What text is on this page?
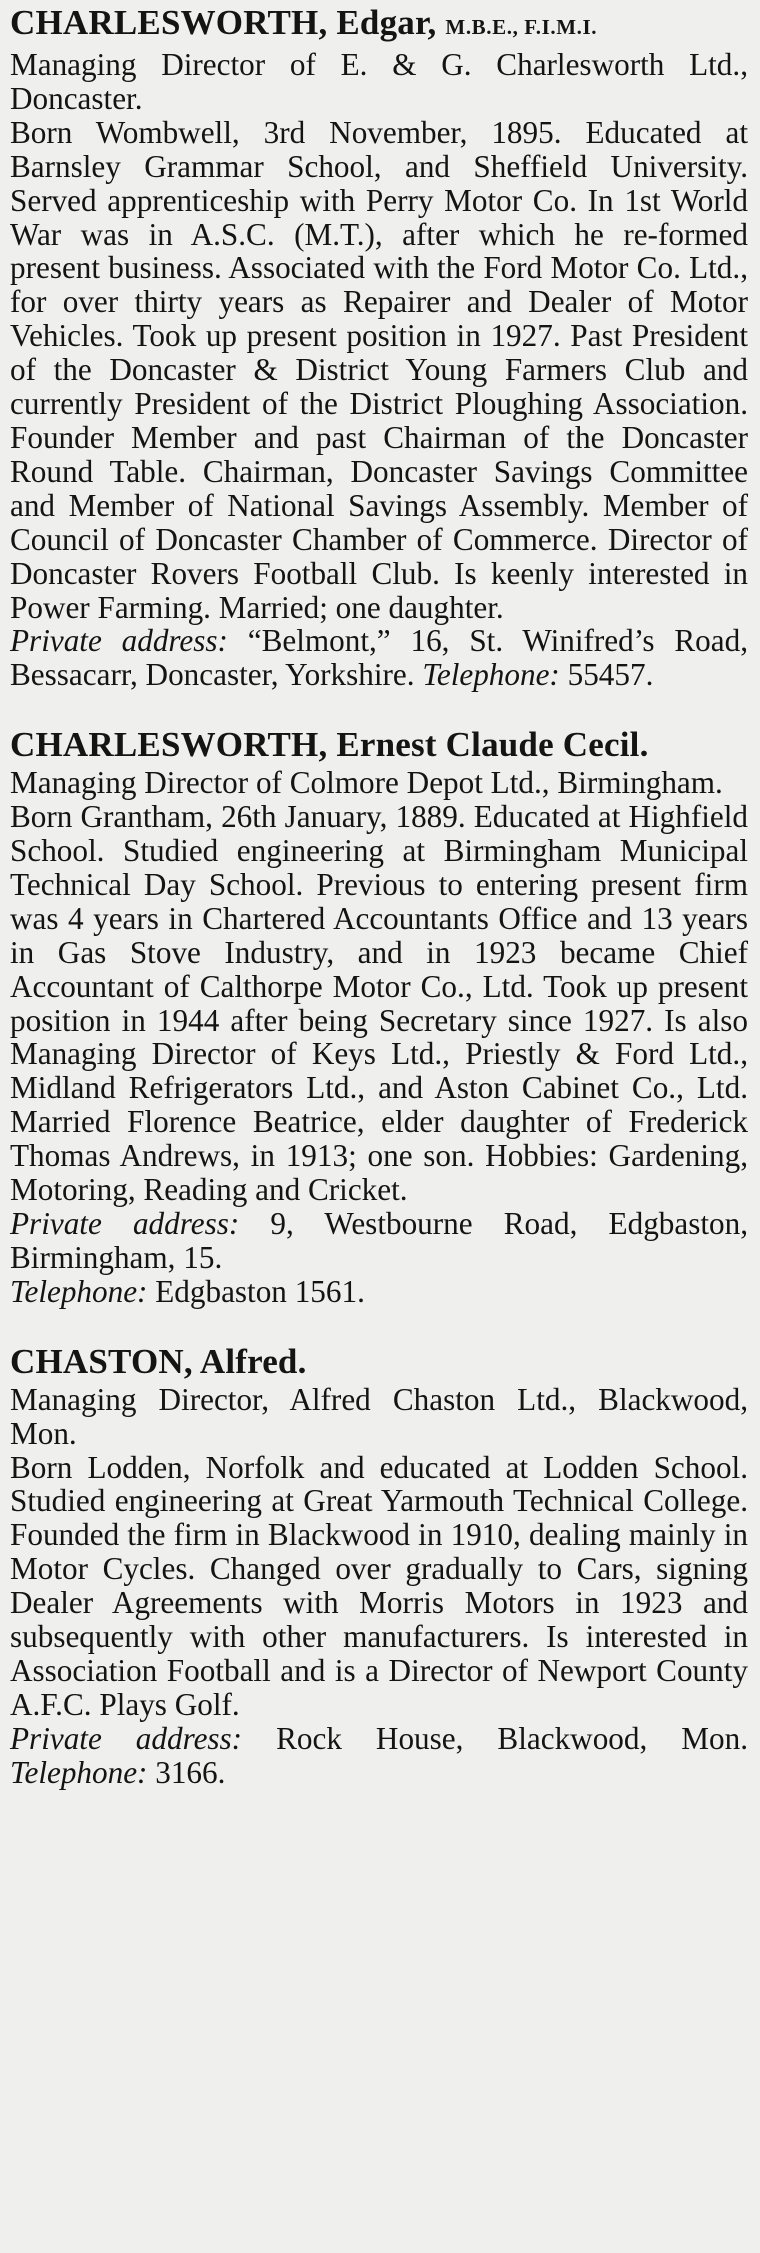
CHARLESWORTH, Edgar, M.B.E., F.I.M.I.

Managing Director of E. & G. Charlesworth Ltd., Doncaster.

Born Wombwell, 3rd November, 1895. Educated at Barnsley Grammar School, and Sheffield University. Served apprenticeship with Perry Motor Co. In 1st World War was in A.S.C. (M.T.), after which he re-formed present business. Associated with the Ford Motor Co. Ltd., for over thirty years as Repairer and Dealer of Motor Vehicles. Took up present position in 1927. Past President of the Doncaster & District Young Farmers Club and currently President of the District Ploughing Association. Founder Member and past Chairman of the Doncaster Round Table. Chairman, Doncaster Savings Committee and Member of National Savings Assembly. Member of Council of Doncaster Chamber of Commerce. Director of Doncaster Rovers Football Club. Is keenly interested in Power Farming. Married; one daughter.

Private address: “Belmont,” 16, St. Winifred’s Road, Bessacarr, Doncaster, Yorkshire. Telephone: 55457.

CHARLESWORTH, Ernest Claude Cecil.

Managing Director of Colmore Depot Ltd., Birmingham.

Born Grantham, 26th January, 1889. Educated at Highfield School. Studied engineering at Birmingham Municipal Technical Day School. Previous to entering present firm was 4 years in Chartered Accountants Office and 13 years in Gas Stove Industry, and in 1923 became Chief Accountant of Calthorpe Motor Co., Ltd. Took up present position in 1944 after being Secretary since 1927. Is also Managing Director of Keys Ltd., Priestly & Ford Ltd., Midland Refrigerators Ltd., and Aston Cabinet Co., Ltd. Married Florence Beatrice, elder daughter of Frederick Thomas Andrews, in 1913; one son. Hobbies: Gardening, Motoring, Reading and Cricket.

Private address: 9, Westbourne Road, Edgbaston, Birmingham, 15.

Telephone: Edgbaston 1561.

CHASTON, Alfred.

Managing Director, Alfred Chaston Ltd., Blackwood, Mon.

Born Lodden, Norfolk and educated at Lodden School. Studied engineering at Great Yarmouth Technical College. Founded the firm in Blackwood in 1910, dealing mainly in Motor Cycles. Changed over gradually to Cars, signing Dealer Agreements with Morris Motors in 1923 and subsequently with other manufacturers. Is interested in Association Football and is a Director of Newport County A.F.C. Plays Golf.

Private address: Rock House, Blackwood, Mon. Telephone: 3166.
